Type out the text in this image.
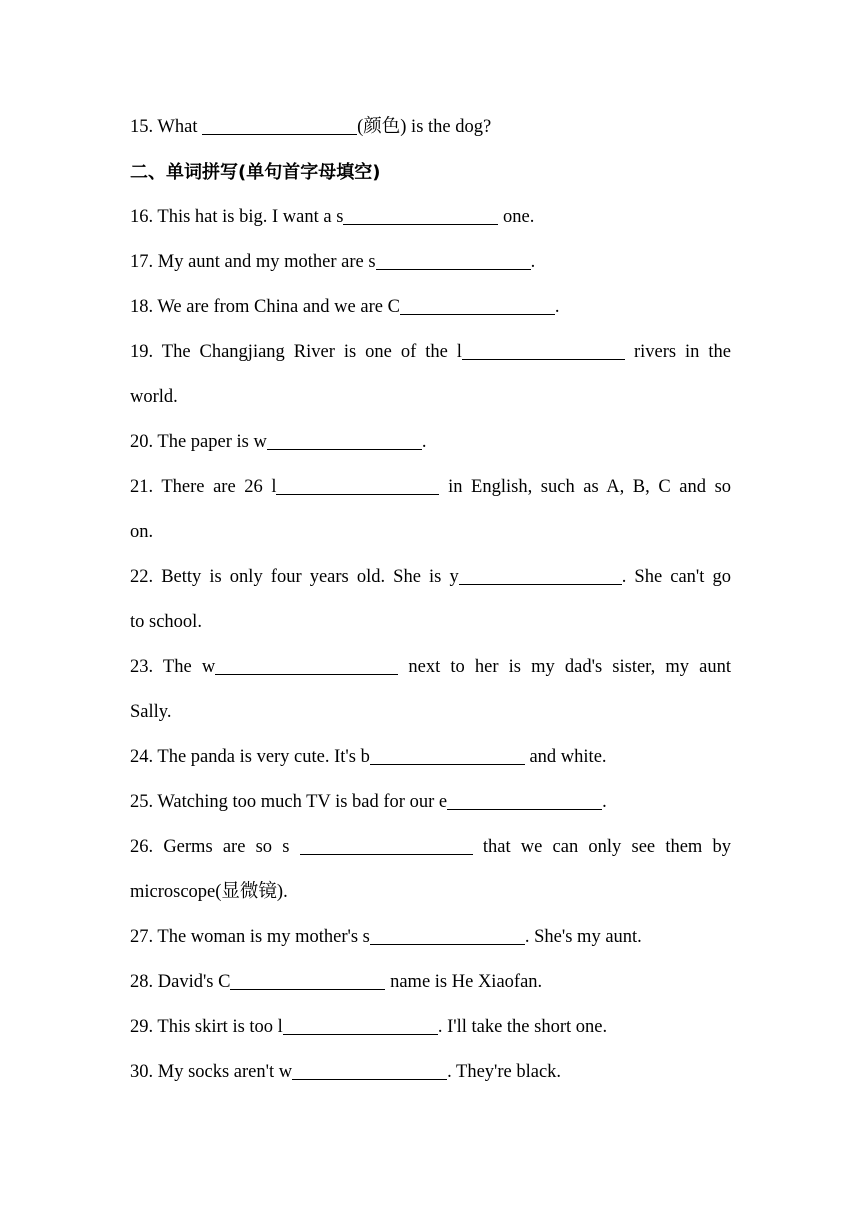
15. What	(颜色) is the dog?
二、单词拼写(单句首字母填空)
16. This hat is big. I want a s	one.
17. My aunt and my mother are s	.
18. We are from China and we are C	.
19. The Changjiang River is one of the l	rivers in the
world.
20. The paper is w	.
21. There are 26 l	in English, such as A, B, C and so
on.
22. Betty is only four years old. She is y	. She can't go
to school.
23. The w	next to her is my dad's sister, my aunt
Sally.
24. The panda is very cute. It's b	and white.
25. Watching too much TV is bad for our e	.
26. Germs are so s	that we can only see them by
microscope(显微镜).
27. The woman is my mother's s	. She's my aunt.
28. David's C	name is He Xiaofan.
29. This skirt is too l	. I'll take the short one.
30. My socks aren't w	. They're black.
